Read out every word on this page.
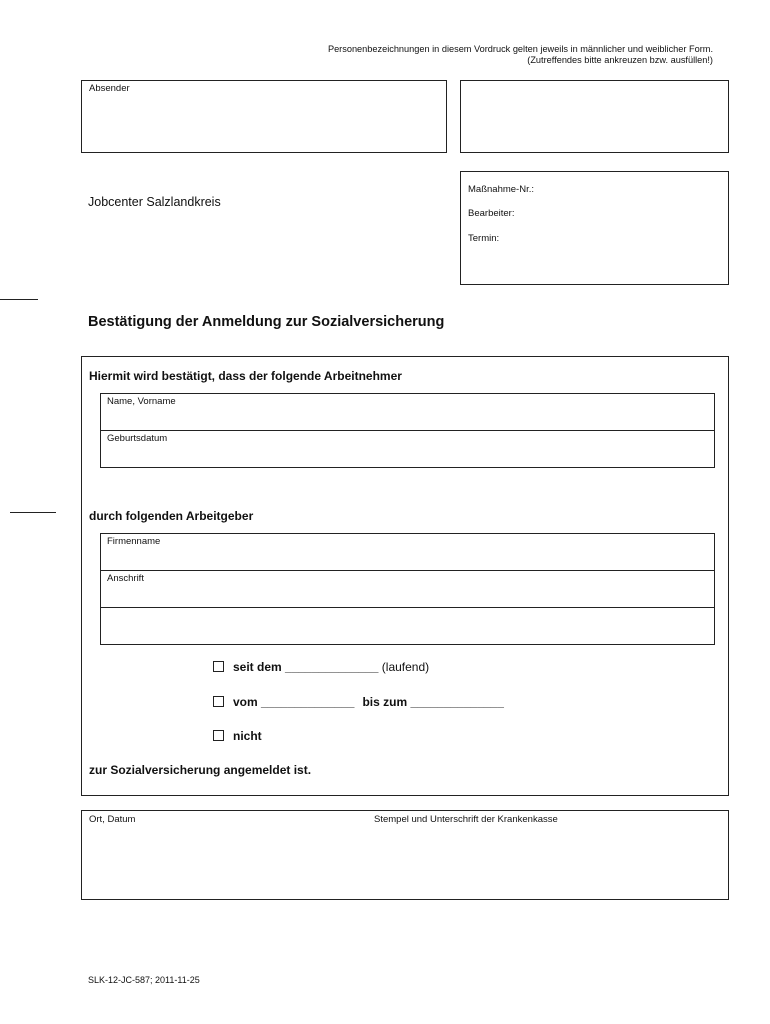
Personenbezeichnungen in diesem Vordruck gelten jeweils in männlicher und weiblicher Form.
(Zutreffendes bitte ankreuzen bzw. ausfüllen!)
Absender
Jobcenter Salzlandkreis
Maßnahme-Nr.:
Bearbeiter:
Termin:
Bestätigung der Anmeldung zur Sozialversicherung
Hiermit wird bestätigt, dass der folgende Arbeitnehmer
Name, Vorname
Geburtsdatum
durch folgenden Arbeitgeber
Firmenname
Anschrift
seit dem ______________ (laufend)
vom ______________ bis zum ______________
nicht
zur Sozialversicherung angemeldet ist.
Ort, Datum	Stempel und Unterschrift der Krankenkasse
SLK-12-JC-587; 2011-11-25
